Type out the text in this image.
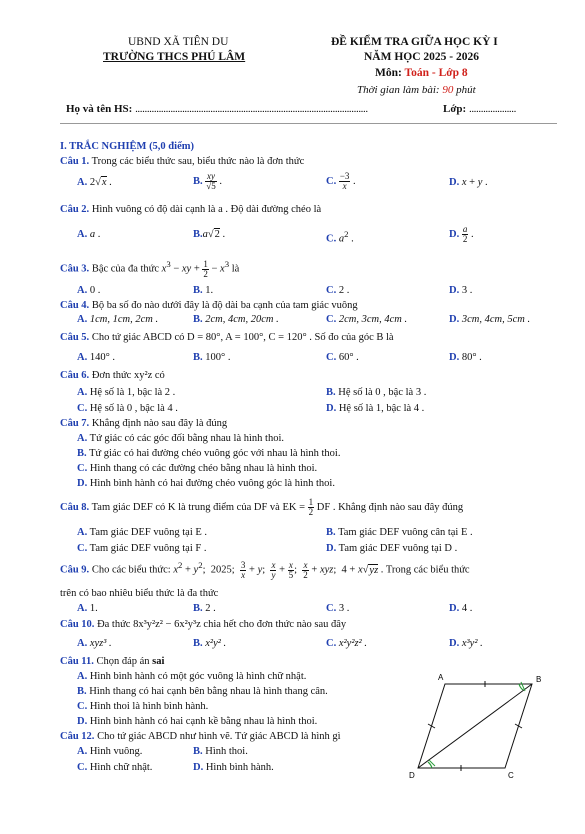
UBND XÃ TIÊN DU
TRƯỜNG THCS PHÚ LÂM
ĐỀ KIỂM TRA GIỮA HỌC KỲ I
NĂM HỌC 2025 - 2026
Môn: Toán - Lớp 8
Thời gian làm bài: 90 phút
Họ và tên HS: ...................................................................................................	Lớp: ....................
I. TRẮC NGHIỆM (5,0 điểm)
Câu 1. Trong các biểu thức sau, biểu thức nào là đơn thức
A. 2√x .	B. $\frac{xy}{√5}$ .	C. $\frac{-3}{x}$ .	D. x + y .
Câu 2. Hình vuông có độ dài cạnh là a . Độ dài đường chéo là
A. a .	B.a√2 .	C. $a^2$ .	D. $\frac{a}{2}$ .
Câu 3. Bậc của đa thức $x^3$ − xy + $\frac{1}{2} - x^3$ là
A. 0 .	B. 1.	C. 2 .	D. 3 .
Câu 4. Bộ ba số đo nào dưới đây là độ dài ba cạnh của tam giác vuông
A. 1cm, 1cm, 2cm .	B. 2cm, 4cm, 20cm .	C. 2cm, 3cm, 4cm .	D. 3cm, 4cm, 5cm .
Câu 5. Cho tứ giác ABCD có D = 80°, A = 100°, C = 120° . Số đo của góc B là
A. 140° .	B. 100° .	C. 60° .	D. 80° .
Câu 6. Đơn thức xy²z có
A. Hệ số là 1, bậc là 2 .	B. Hệ số là 0 , bậc là 3 .
C. Hệ số là 0 , bậc là 4 .	D. Hệ số là 1, bậc là 4 .
Câu 7. Khẳng định nào sau đây là đúng
A. Tứ giác có các góc đối bằng nhau là hình thoi.
B. Tứ giác có hai đường chéo vuông góc với nhau là hình thoi.
C. Hình thang có các đường chéo bằng nhau là hình thoi.
D. Hình bình hành có hai đường chéo vuông góc là hình thoi.
Câu 8. Tam giác DEF có K là trung điểm của DF và EK = $\frac{1}{2}$ DF . Khẳng định nào sau đây đúng
A. Tam giác DEF vuông tại E .	B. Tam giác DEF vuông cân tại E .
C. Tam giác DEF vuông tại F .	D. Tam giác DEF vuông tại D .
Câu 9. Cho các biểu thức: $x^2 + y^2$;  2025; $\frac{3}{x} + y$; $\frac{x}{y} + \frac{x}{5}$ ; $\frac{x}{2}$ + xyz;  4 + x√yz . Trong các biểu thức
trên có bao nhiêu biểu thức là đa thức
A. 1.	B. 2 .	C. 3 .	D. 4 .
Câu 10. Đa thức 8x³y²z² − 6x²y³z chia hết cho đơn thức nào sau đây
A. xyz³ .	B. x²y² .	C. x²y²z² .	D. x³y² .
Câu 11. Chọn đáp án sai
A. Hình bình hành có một góc vuông là hình chữ nhật.
B. Hình thang có hai cạnh bên bằng nhau là hình thang cân.
C. Hình thoi là hình bình hành.
D. Hình bình hành có hai cạnh kề bằng nhau là hình thoi.
Câu 12. Cho tứ giác ABCD như hình vẽ. Tứ giác ABCD là hình gì
A. Hình vuông.	B. Hình thoi.
C. Hình chữ nhật.	D. Hình bình hành.
A	B
C
D
